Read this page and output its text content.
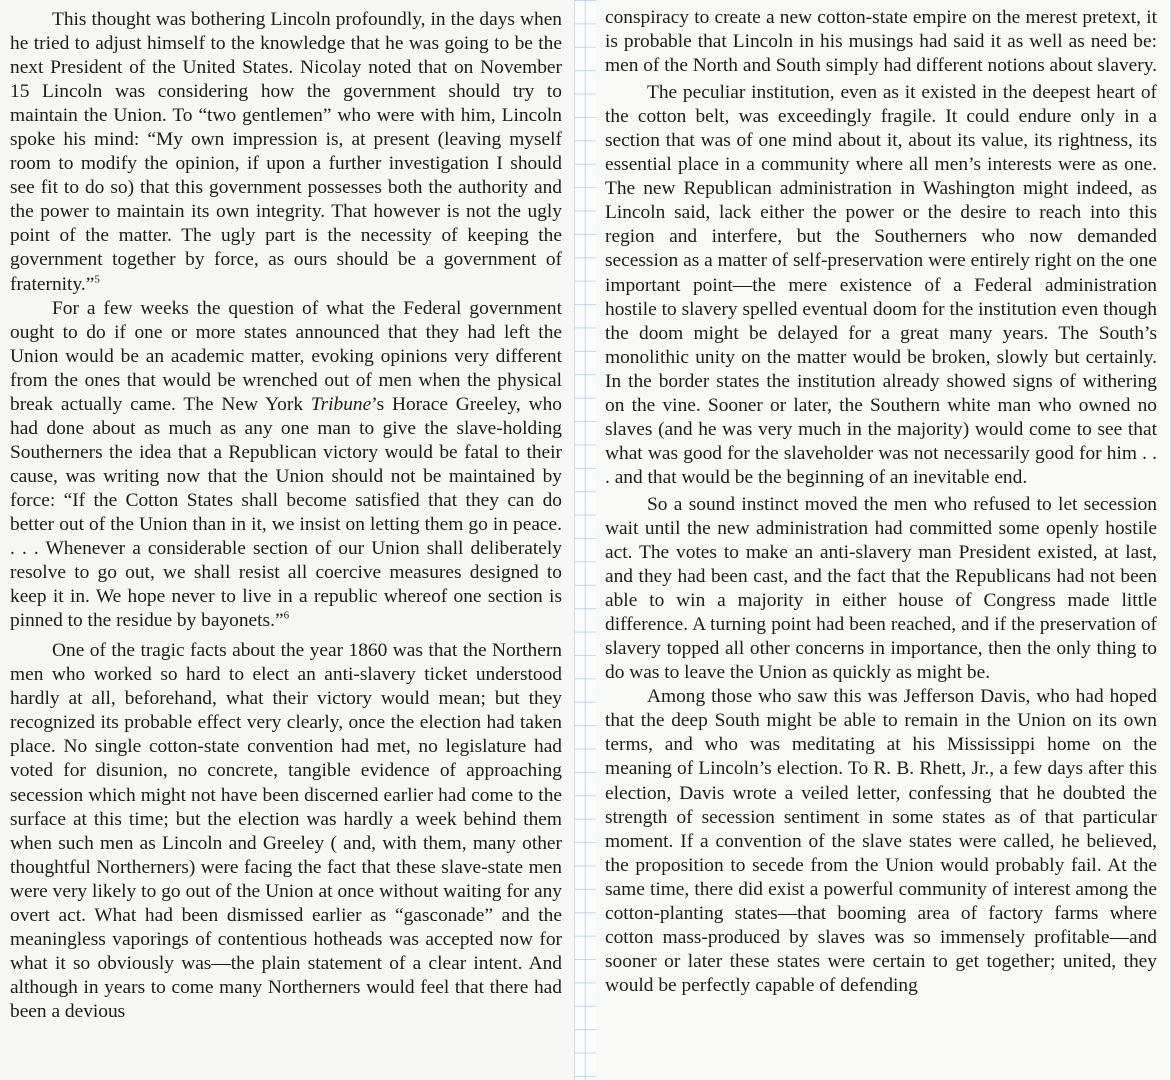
This thought was bothering Lincoln profoundly, in the days when he tried to adjust himself to the knowledge that he was going to be the next President of the United States. Nicolay noted that on November 15 Lincoln was considering how the government should try to maintain the Union. To “two gentlemen” who were with him, Lincoln spoke his mind: “My own impression is, at present (leaving myself room to modify the opinion, if upon a further investigation I should see fit to do so) that this government possesses both the authority and the power to maintain its own integrity. That however is not the ugly point of the matter. The ugly part is the necessity of keeping the government together by force, as ours should be a government of fraternity.”$^5$

For a few weeks the question of what the Federal government ought to do if one or more states announced that they had left the Union would be an academic matter, evoking opinions very different from the ones that would be wrenched out of men when the physical break actually came. The New York Tribune’s Horace Greeley, who had done about as much as any one man to give the slave-holding Southerners the idea that a Republican victory would be fatal to their cause, was writing now that the Union should not be maintained by force: “If the Cotton States shall become satisfied that they can do better out of the Union than in it, we insist on letting them go in peace. . . . Whenever a considerable section of our Union shall deliberately resolve to go out, we shall resist all coercive measures designed to keep it in. We hope never to live in a republic whereof one section is pinned to the residue by bayonets.”$^6$

One of the tragic facts about the year 1860 was that the Northern men who worked so hard to elect an anti-slavery ticket understood hardly at all, beforehand, what their victory would mean; but they recognized its probable effect very clearly, once the election had taken place. No single cotton-state convention had met, no legislature had voted for disunion, no concrete, tangible evidence of approaching secession which might not have been discerned earlier had come to the surface at this time; but the election was hardly a week behind them when such men as Lincoln and Greeley ( and, with them, many other thoughtful Northerners) were facing the fact that these slave-state men were very likely to go out of the Union at once without waiting for any overt act. What had been dismissed earlier as “gasconade” and the meaningless vaporings of contentious hotheads was accepted now for what it so obviously was—the plain statement of a clear intent. And although in years to come many Northerners would feel that there had been a devious

conspiracy to create a new cotton-state empire on the merest pretext, it is probable that Lincoln in his musings had said it as well as need be: men of the North and South simply had different notions about slavery.

The peculiar institution, even as it existed in the deepest heart of the cotton belt, was exceedingly fragile. It could endure only in a section that was of one mind about it, about its value, its rightness, its essential place in a community where all men’s interests were as one. The new Republican administration in Washington might indeed, as Lincoln said, lack either the power or the desire to reach into this region and interfere, but the Southerners who now demanded secession as a matter of self-preservation were entirely right on the one important point—the mere existence of a Federal administration hostile to slavery spelled eventual doom for the institution even though the doom might be delayed for a great many years. The South’s monolithic unity on the matter would be broken, slowly but certainly. In the border states the institution already showed signs of withering on the vine. Sooner or later, the Southern white man who owned no slaves (and he was very much in the majority) would come to see that what was good for the slaveholder was not necessarily good for him . . . and that would be the beginning of an inevitable end.

So a sound instinct moved the men who refused to let secession wait until the new administration had committed some openly hostile act. The votes to make an anti-slavery man President existed, at last, and they had been cast, and the fact that the Republicans had not been able to win a majority in either house of Congress made little difference. A turning point had been reached, and if the preservation of slavery topped all other concerns in importance, then the only thing to do was to leave the Union as quickly as might be.

Among those who saw this was Jefferson Davis, who had hoped that the deep South might be able to remain in the Union on its own terms, and who was meditating at his Mississippi home on the meaning of Lincoln’s election. To R. B. Rhett, Jr., a few days after this election, Davis wrote a veiled letter, confessing that he doubted the strength of secession sentiment in some states as of that particular moment. If a convention of the slave states were called, he believed, the proposition to secede from the Union would probably fail. At the same time, there did exist a powerful community of interest among the cotton-planting states—that booming area of factory farms where cotton mass-produced by slaves was so immensely profitable—and sooner or later these states were certain to get together; united, they would be perfectly capable of defending
